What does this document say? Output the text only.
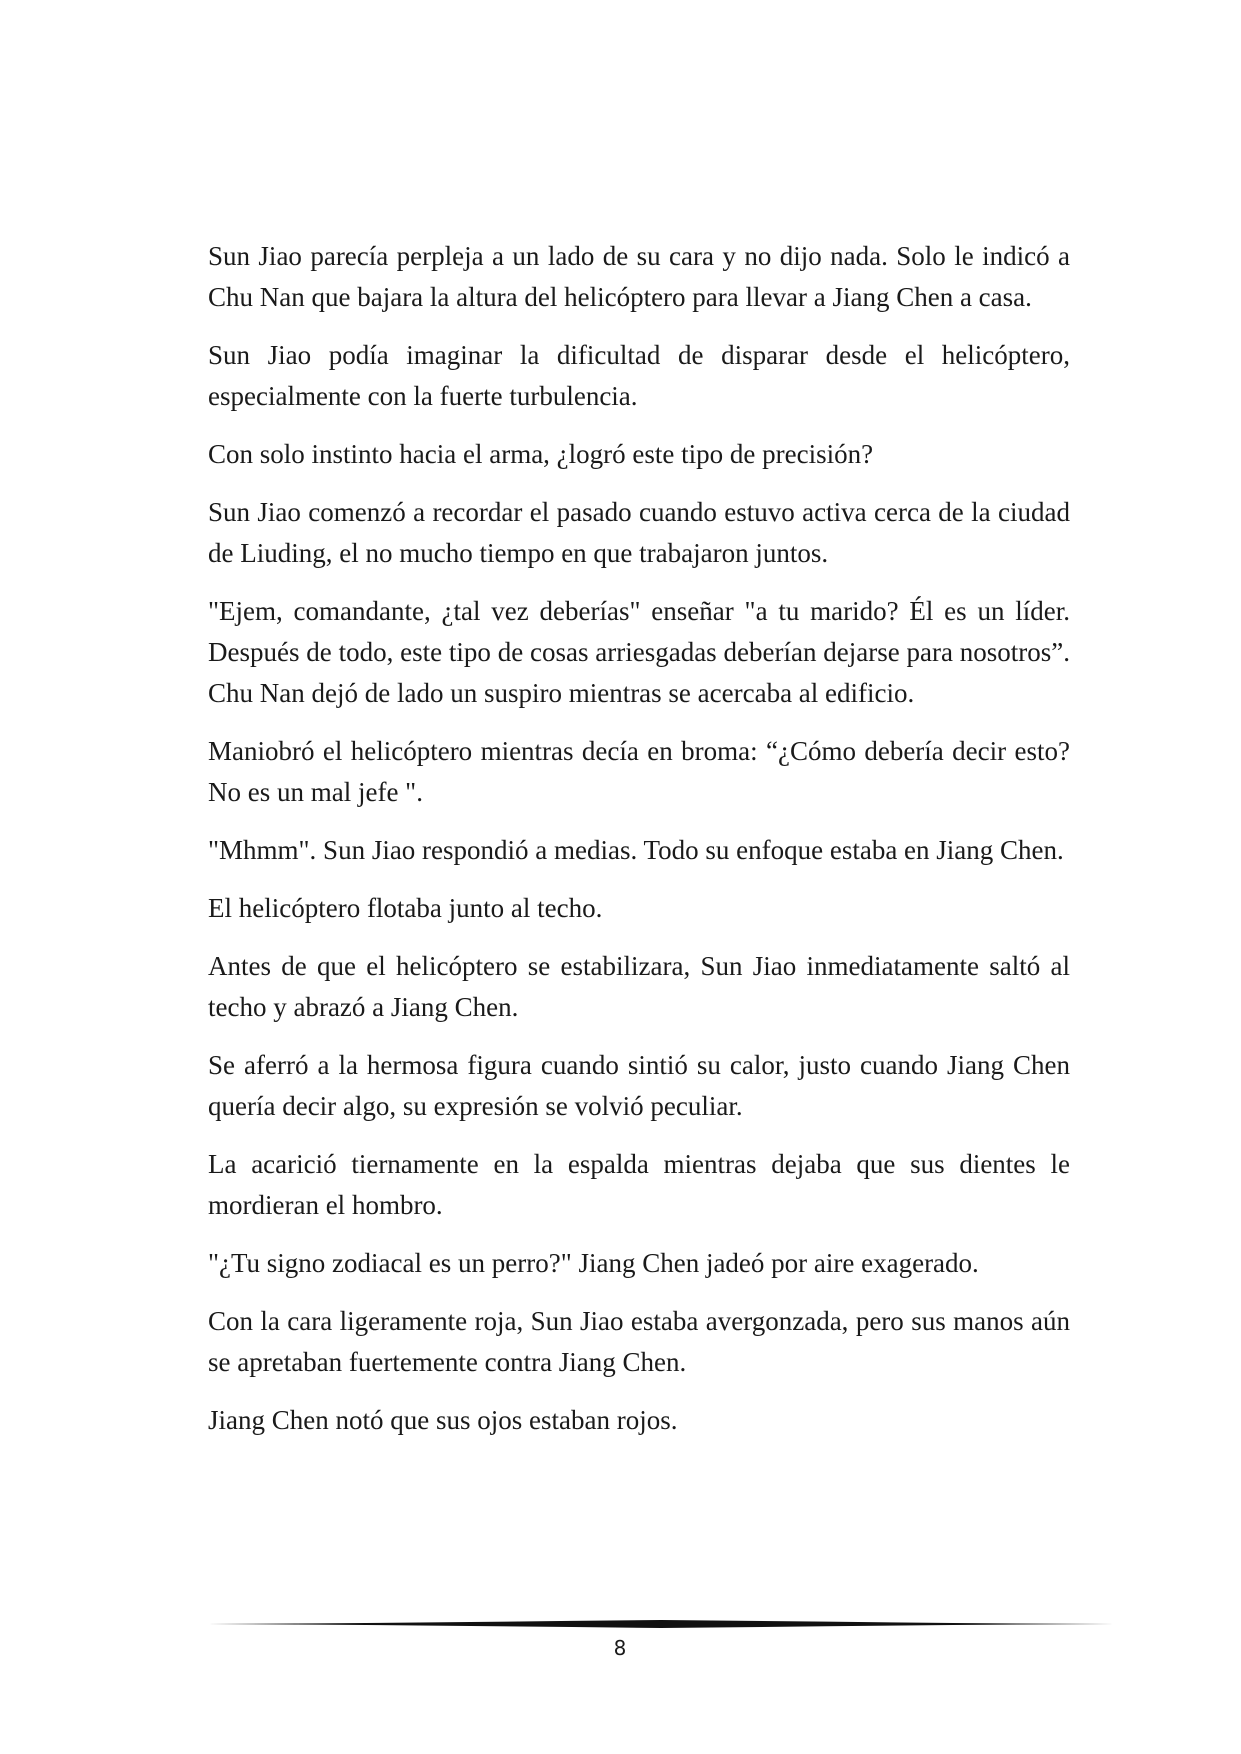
Sun Jiao parecía perpleja a un lado de su cara y no dijo nada. Solo le indicó a Chu Nan que bajara la altura del helicóptero para llevar a Jiang Chen a casa.

Sun Jiao podía imaginar la dificultad de disparar desde el helicóptero, especialmente con la fuerte turbulencia.

Con solo instinto hacia el arma, ¿logró este tipo de precisión?

Sun Jiao comenzó a recordar el pasado cuando estuvo activa cerca de la ciudad de Liuding, el no mucho tiempo en que trabajaron juntos.

"Ejem, comandante, ¿tal vez deberías" enseñar "a tu marido? Él es un líder. Después de todo, este tipo de cosas arriesgadas deberían dejarse para nosotros”. Chu Nan dejó de lado un suspiro mientras se acercaba al edificio.

Maniobró el helicóptero mientras decía en broma: “¿Cómo debería decir esto? No es un mal jefe ".

"Mhmm". Sun Jiao respondió a medias. Todo su enfoque estaba en Jiang Chen.

El helicóptero flotaba junto al techo.

Antes de que el helicóptero se estabilizara, Sun Jiao inmediatamente saltó al techo y abrazó a Jiang Chen.

Se aferró a la hermosa figura cuando sintió su calor, justo cuando Jiang Chen quería decir algo, su expresión se volvió peculiar.

La acarició tiernamente en la espalda mientras dejaba que sus dientes le mordieran el hombro.

"¿Tu signo zodiacal es un perro?" Jiang Chen jadeó por aire exagerado.

Con la cara ligeramente roja, Sun Jiao estaba avergonzada, pero sus manos aún se apretaban fuertemente contra Jiang Chen.

Jiang Chen notó que sus ojos estaban rojos.

8
